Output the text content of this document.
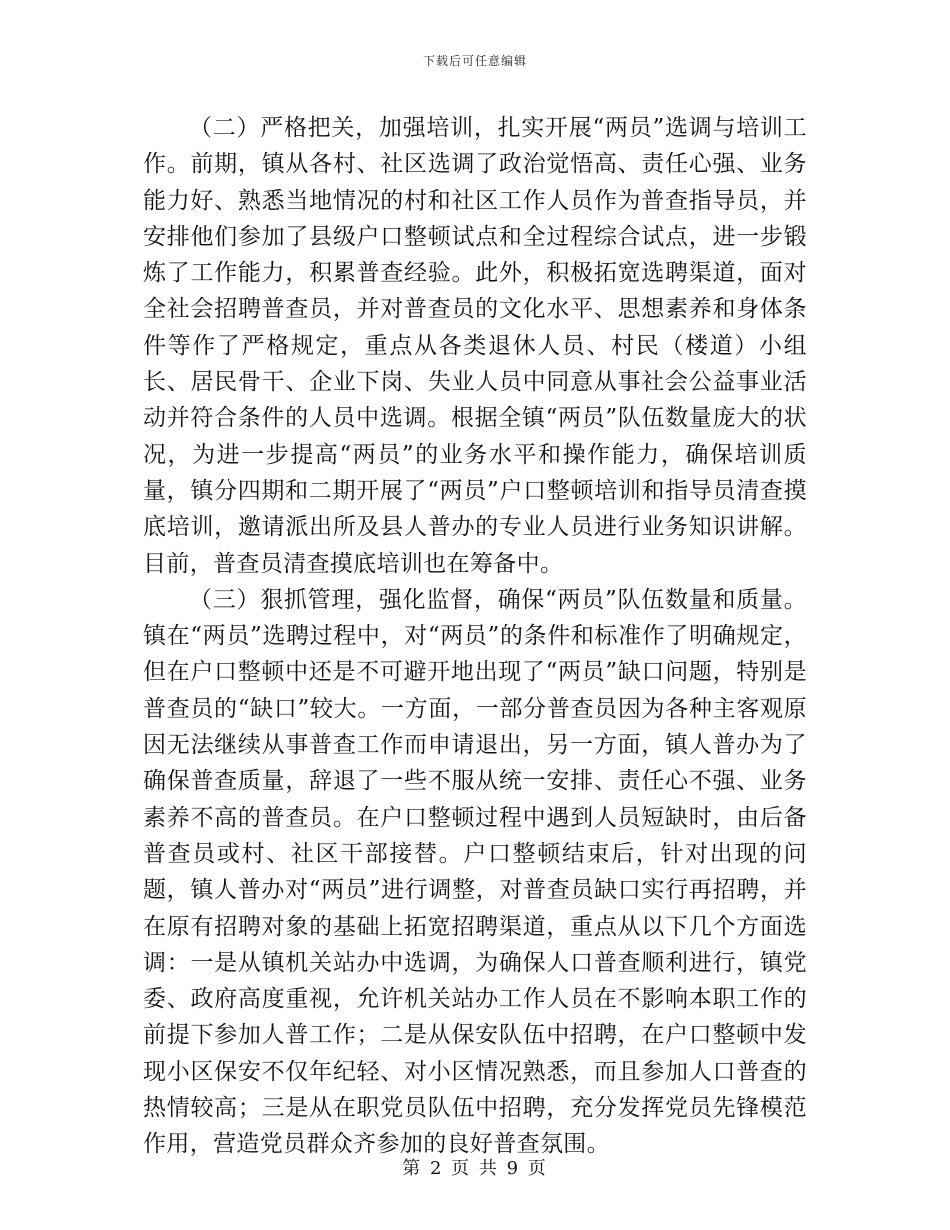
下载后可任意编辑

（二）严格把关，加强培训，扎实开展“两员”选调与培训工作。前期，镇从各村、社区选调了政治觉悟高、责任心强、业务能力好、熟悉当地情况的村和社区工作人员作为普查指导员，并安排他们参加了县级户口整顿试点和全过程综合试点，进一步锻炼了工作能力，积累普查经验。此外，积极拓宽选聘渠道，面对全社会招聘普查员，并对普查员的文化水平、思想素养和身体条件等作了严格规定，重点从各类退休人员、村民（楼道）小组长、居民骨干、企业下岗、失业人员中同意从事社会公益事业活动并符合条件的人员中选调。根据全镇“两员”队伍数量庞大的状况，为进一步提高“两员”的业务水平和操作能力，确保培训质量，镇分四期和二期开展了“两员”户口整顿培训和指导员清查摸底培训，邀请派出所及县人普办的专业人员进行业务知识讲解。目前，普查员清查摸底培训也在筹备中。

（三）狠抓管理，强化监督，确保“两员”队伍数量和质量。镇在“两员”选聘过程中，对“两员”的条件和标准作了明确规定，但在户口整顿中还是不可避开地出现了“两员”缺口问题，特别是普查员的“缺口”较大。一方面，一部分普查员因为各种主客观原因无法继续从事普查工作而申请退出，另一方面，镇人普办为了确保普查质量，辞退了一些不服从统一安排、责任心不强、业务素养不高的普查员。在户口整顿过程中遇到人员短缺时，由后备普查员或村、社区干部接替。户口整顿结束后，针对出现的问题，镇人普办对“两员”进行调整，对普查员缺口实行再招聘，并在原有招聘对象的基础上拓宽招聘渠道，重点从以下几个方面选调：一是从镇机关站办中选调，为确保人口普查顺利进行，镇党委、政府高度重视，允许机关站办工作人员在不影响本职工作的前提下参加人普工作；二是从保安队伍中招聘，在户口整顿中发现小区保安不仅年纪轻、对小区情况熟悉，而且参加人口普查的热情较高；三是从在职党员队伍中招聘，充分发挥党员先锋模范作用，营造党员群众齐参加的良好普查氛围。

第 2 页 共 9 页
